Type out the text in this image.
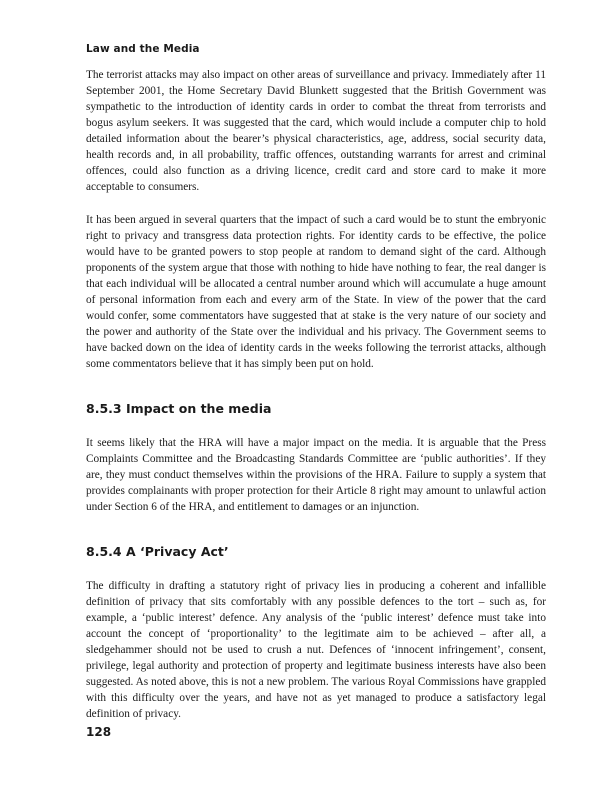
Law and the Media

The terrorist attacks may also impact on other areas of surveillance and privacy. Immediately after 11 September 2001, the Home Secretary David Blunkett suggested that the British Government was sympathetic to the introduction of identity cards in order to combat the threat from terrorists and bogus asylum seekers. It was suggested that the card, which would include a computer chip to hold detailed information about the bearer’s physical characteristics, age, address, social security data, health records and, in all probability, traffic offences, outstanding warrants for arrest and criminal offences, could also function as a driving licence, credit card and store card to make it more acceptable to consumers.

It has been argued in several quarters that the impact of such a card would be to stunt the embryonic right to privacy and transgress data protection rights. For identity cards to be effective, the police would have to be granted powers to stop people at random to demand sight of the card. Although proponents of the system argue that those with nothing to hide have nothing to fear, the real danger is that each individual will be allocated a central number around which will accumulate a huge amount of personal information from each and every arm of the State. In view of the power that the card would confer, some commentators have suggested that at stake is the very nature of our society and the power and authority of the State over the individual and his privacy. The Government seems to have backed down on the idea of identity cards in the weeks following the terrorist attacks, although some commentators believe that it has simply been put on hold.

8.5.3 Impact on the media

It seems likely that the HRA will have a major impact on the media. It is arguable that the Press Complaints Committee and the Broadcasting Standards Committee are ‘public authorities’. If they are, they must conduct themselves within the provisions of the HRA. Failure to supply a system that provides complainants with proper protection for their Article 8 right may amount to unlawful action under Section 6 of the HRA, and entitlement to damages or an injunction.

8.5.4 A ‘Privacy Act’

The difficulty in drafting a statutory right of privacy lies in producing a coherent and infallible definition of privacy that sits comfortably with any possible defences to the tort – such as, for example, a ‘public interest’ defence. Any analysis of the ‘public interest’ defence must take into account the concept of ‘proportionality’ to the legitimate aim to be achieved – after all, a sledgehammer should not be used to crush a nut. Defences of ‘innocent infringement’, consent, privilege, legal authority and protection of property and legitimate business interests have also been suggested. As noted above, this is not a new problem. The various Royal Commissions have grappled with this difficulty over the years, and have not as yet managed to produce a satisfactory legal definition of privacy.

128
